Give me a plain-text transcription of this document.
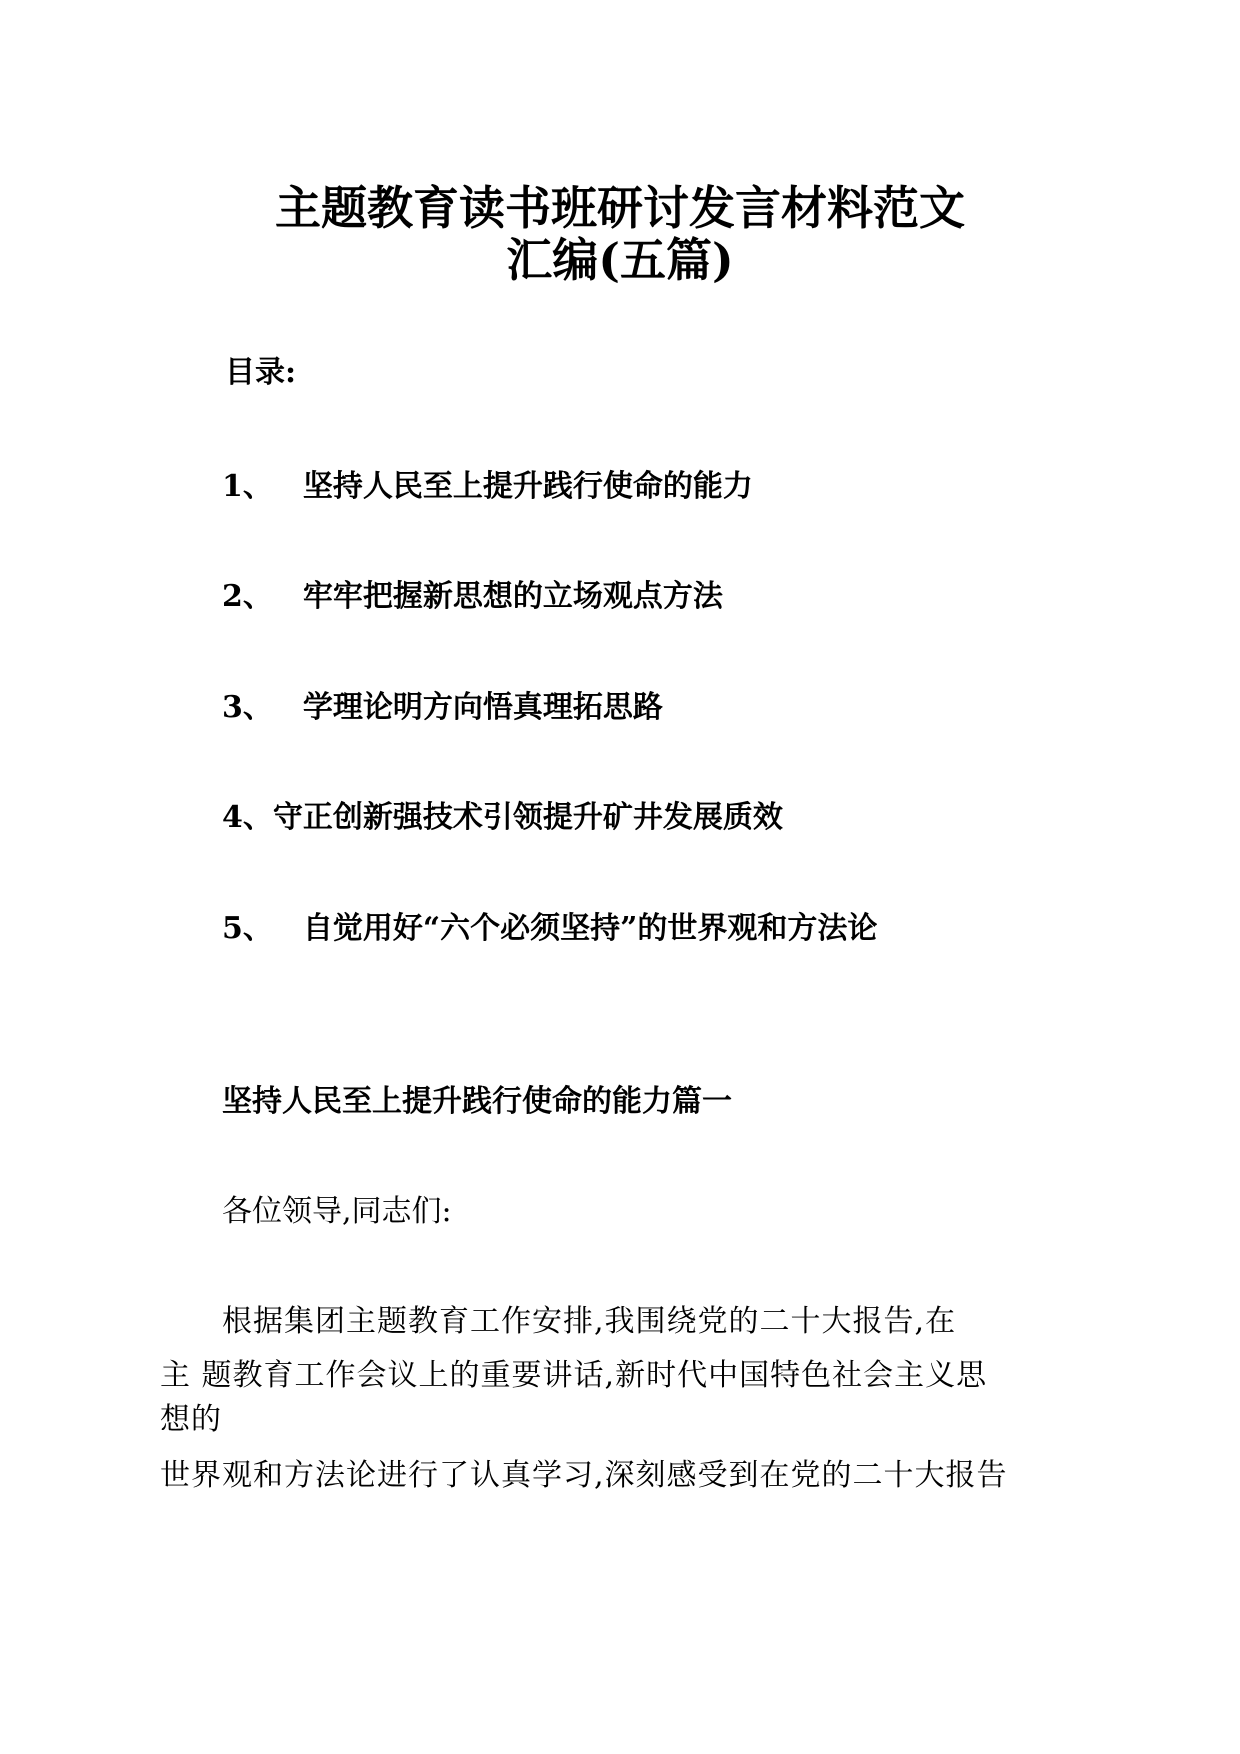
主题教育读书班研讨发言材料范文
汇编(五篇)

目录:

1、 坚持人民至上提升践行使命的能力
2、 牢牢把握新思想的立场观点方法
3、 学理论明方向悟真理拓思路
4、守正创新强技术引领提升矿井发展质效
5、 自觉用好“六个必须坚持”的世界观和方法论
坚持人民至上提升践行使命的能力篇一
各位领导,同志们:
根据集团主题教育工作安排,我围绕党的二十大报告,在
主 题教育工作会议上的重要讲话,新时代中国特色社会主义思
想的
世界观和方法论进行了认真学习,深刻感受到在党的二十大报告
